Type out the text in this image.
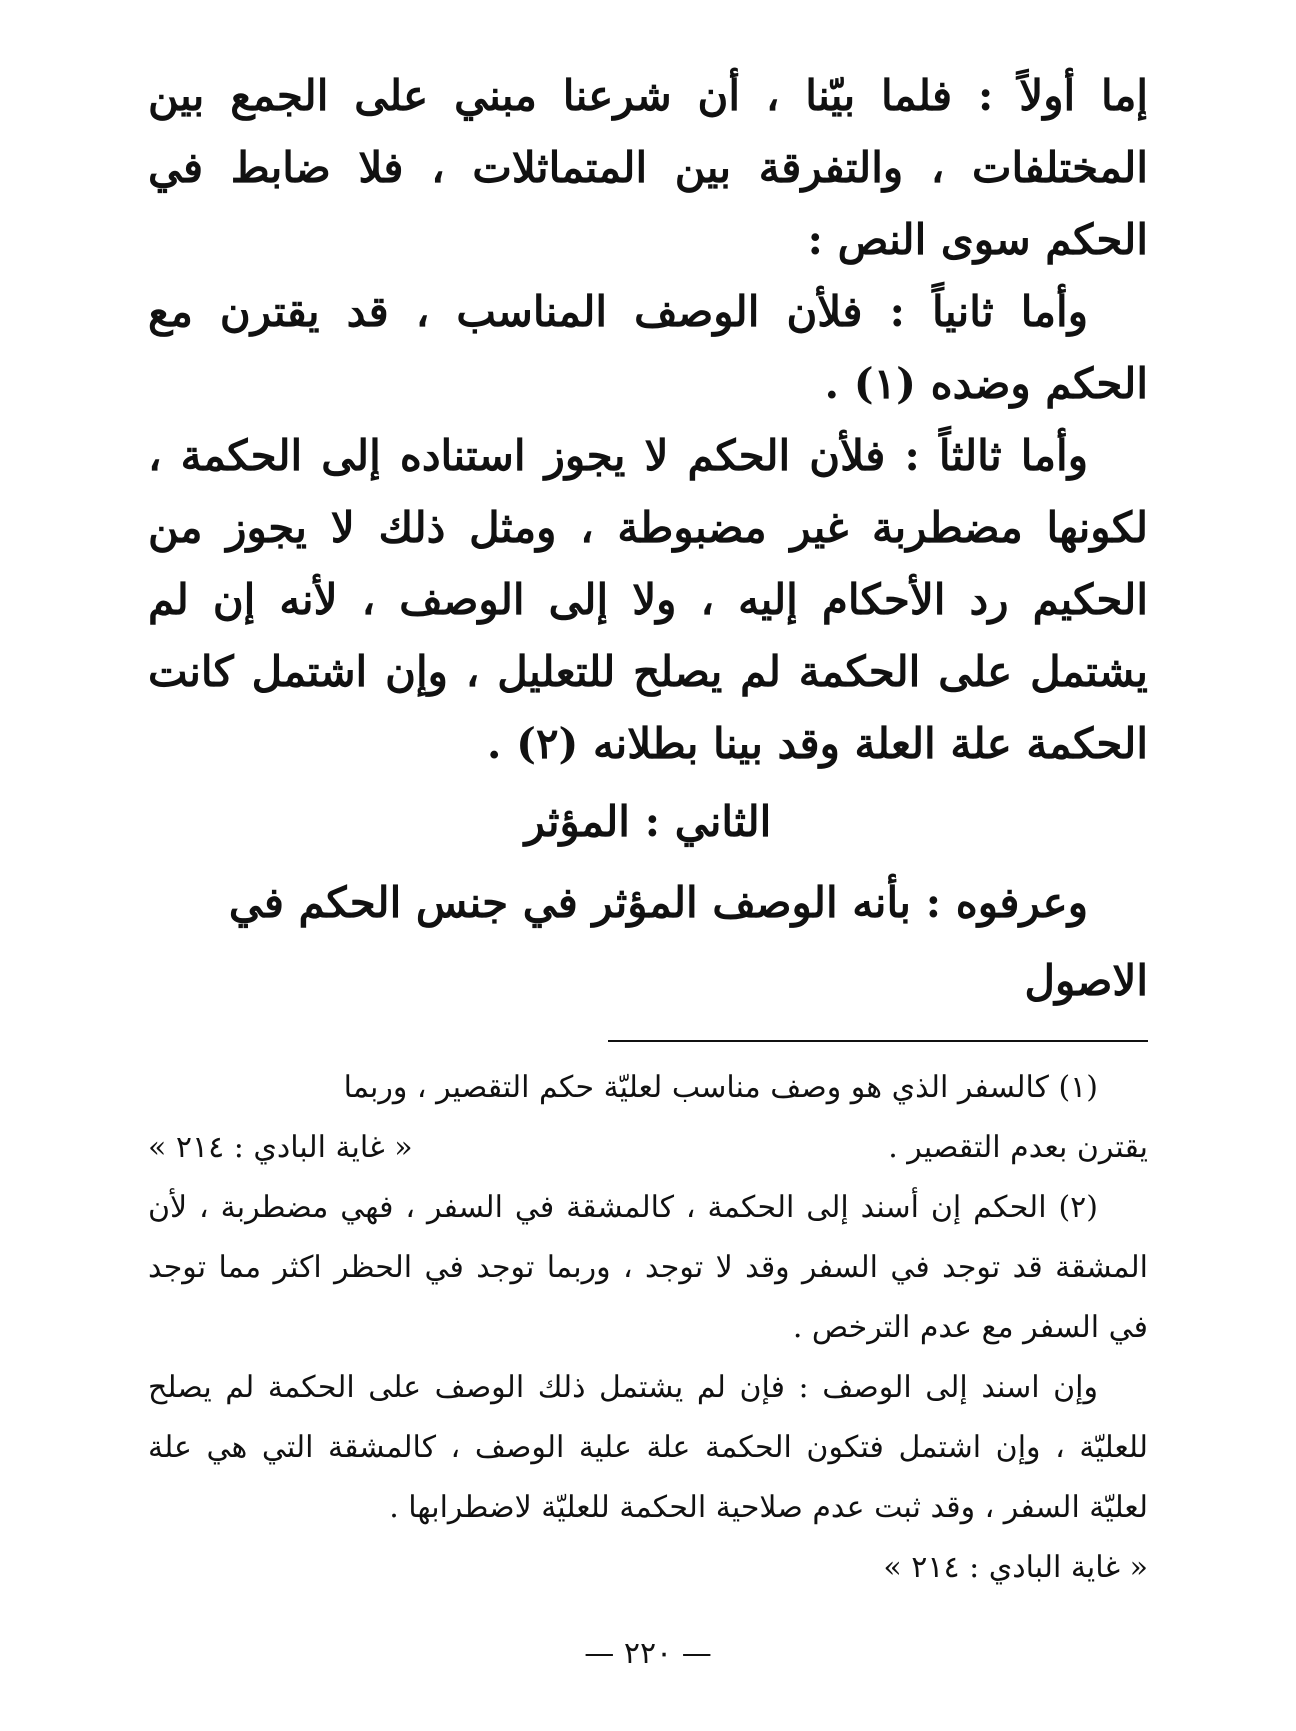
إما أولاً : فلما بيّنا ، أن شرعنا مبني على الجمع بين المختلفات ، والتفرقة بين المتماثلات ، فلا ضابط في الحكم سوى النص :

وأما ثانياً : فلأن الوصف المناسب ، قد يقترن مع الحكم وضده (١) .

وأما ثالثاً : فلأن الحكم لا يجوز استناده إلى الحكمة ، لكونها مضطربة غير مضبوطة ، ومثل ذلك لا يجوز من الحكيم رد الأحكام إليه ، ولا إلى الوصف ، لأنه إن لم يشتمل على الحكمة لم يصلح للتعليل ، وإن اشتمل كانت الحكمة علة العلة وقد بينا بطلانه (٢) .

الثاني : المؤثر

وعرفوه : بأنه الوصف المؤثر في جنس الحكم في الاصول

(١) كالسفر الذي هو وصف مناسب لعليّة حكم التقصير ، وربما

يقترن بعدم التقصير .
« غاية البادي : ٢١٤ »

(٢) الحكم إن أسند إلى الحكمة ، كالمشقة في السفر ، فهي مضطربة ، لأن المشقة قد توجد في السفر وقد لا توجد ، وربما توجد في الحظر اكثر مما توجد في السفر مع عدم الترخص .

وإن اسند إلى الوصف : فإن لم يشتمل ذلك الوصف على الحكمة لم يصلح للعليّة ، وإن اشتمل فتكون الحكمة علة علية الوصف ، كالمشقة التي هي علة لعليّة السفر ، وقد ثبت عدم صلاحية الحكمة للعليّة لاضطرابها .

« غاية البادي : ٢١٤ »

— ٢٢٠ —
